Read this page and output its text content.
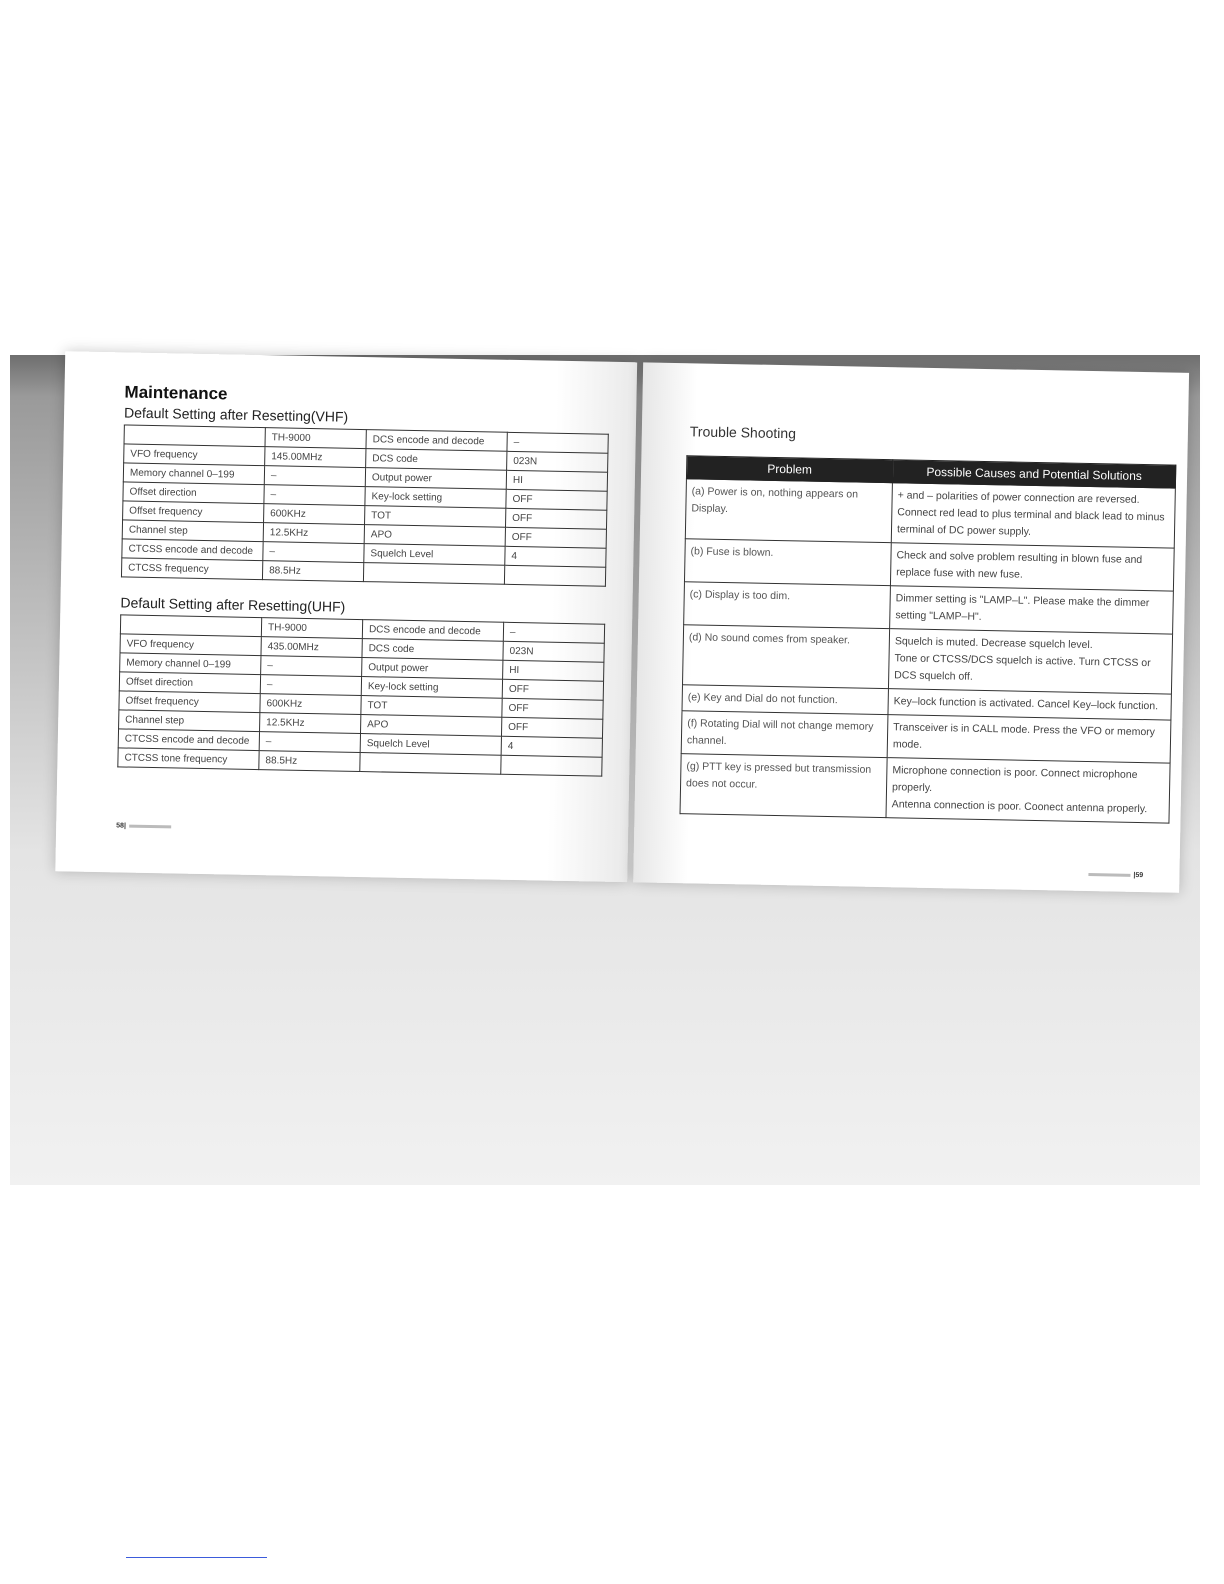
Maintenance
Default Setting after Resetting(VHF)
	TH-9000	DCS encode and decode	–
VFO frequency	145.00MHz	DCS code	023N
Memory channel 0–199	–	Output power	HI
Offset direction	–	Key-lock setting	OFF
Offset frequency	600KHz	TOT	OFF
Channel step	12.5KHz	APO	OFF
CTCSS encode and decode	–	Squelch Level	4
CTCSS frequency	88.5Hz		
Default Setting after Resetting(UHF)
	TH-9000	DCS encode and decode	–
VFO frequency	435.00MHz	DCS code	023N
Memory channel 0–199	–	Output power	HI
Offset direction	–	Key-lock setting	OFF
Offset frequency	600KHz	TOT	OFF
Channel step	12.5KHz	APO	OFF
CTCSS encode and decode	–	Squelch Level	4
CTCSS tone frequency	88.5Hz		
58|
Trouble Shooting
Problem	Possible Causes and Potential Solutions
(a) Power is on, nothing appears on Display.	+ and – polarities of power connection are reversed. Connect red lead to plus terminal and black lead to minus terminal of DC power supply.

(b) Fuse is blown.	Check and solve problem resulting in blown fuse and replace fuse with new fuse.

(c) Display is too dim.	Dimmer setting is "LAMP–L". Please make the dimmer setting "LAMP–H".

(d) No sound comes from speaker.	Squelch is muted. Decrease squelch level.
Tone or CTCSS/DCS squelch is active. Turn CTCSS or DCS squelch off.

(e) Key and Dial do not function.	Key–lock function is activated. Cancel Key–lock function.

(f) Rotating Dial will not change memory channel.	Transceiver is in CALL mode. Press the VFO or memory mode.

(g) PTT key is pressed but transmission does not occur.	Microphone connection is poor. Connect microphone properly.
Antenna connection is poor. Coonect antenna properly.
|59
